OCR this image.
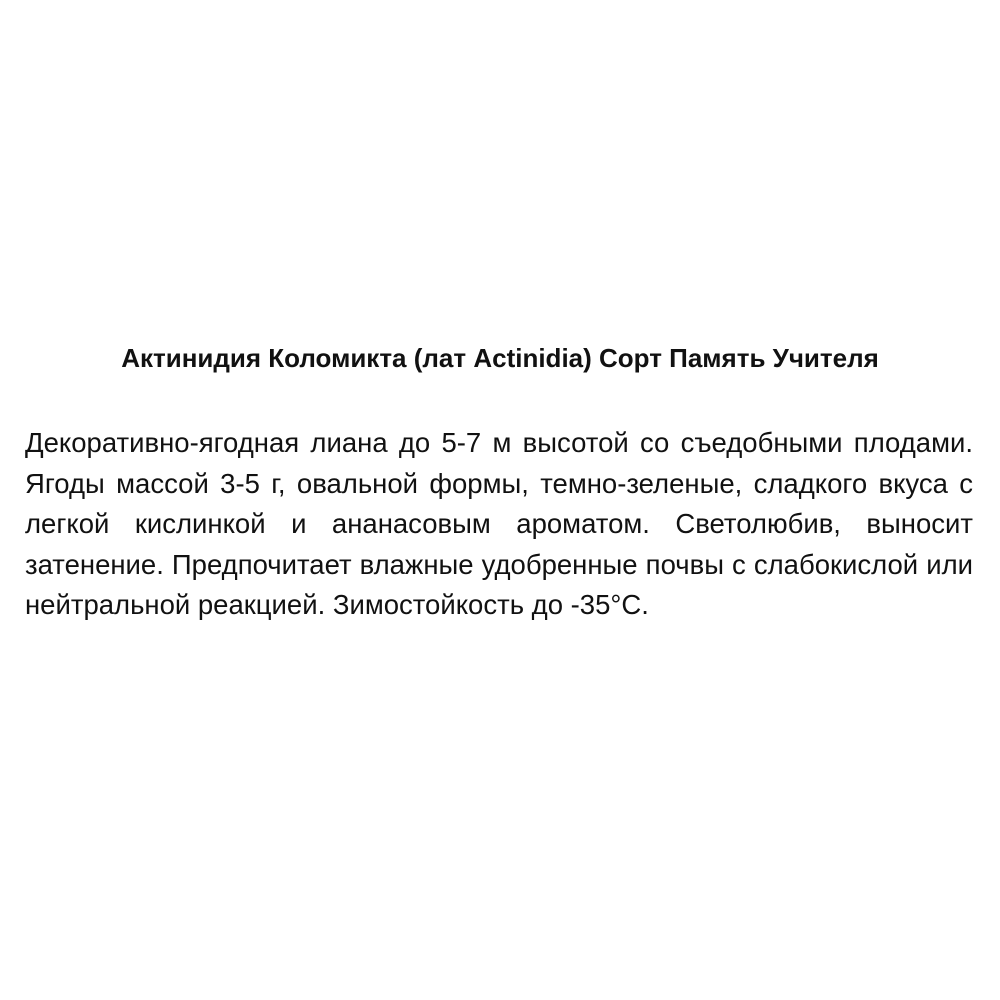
Актинидия Коломикта (лат Actinidia) Сорт Память Учителя
Декоративно-ягодная лиана до 5-7 м высотой со съедобными плодами. Ягоды массой 3-5 г, овальной формы, темно-зеленые, сладкого вкуса с легкой кислинкой и ананасовым ароматом. Светолюбив, выносит затенение. Предпочитает влажные удобренные почвы с слабокислой или нейтральной реакцией. Зимостойкость до -35°С.
